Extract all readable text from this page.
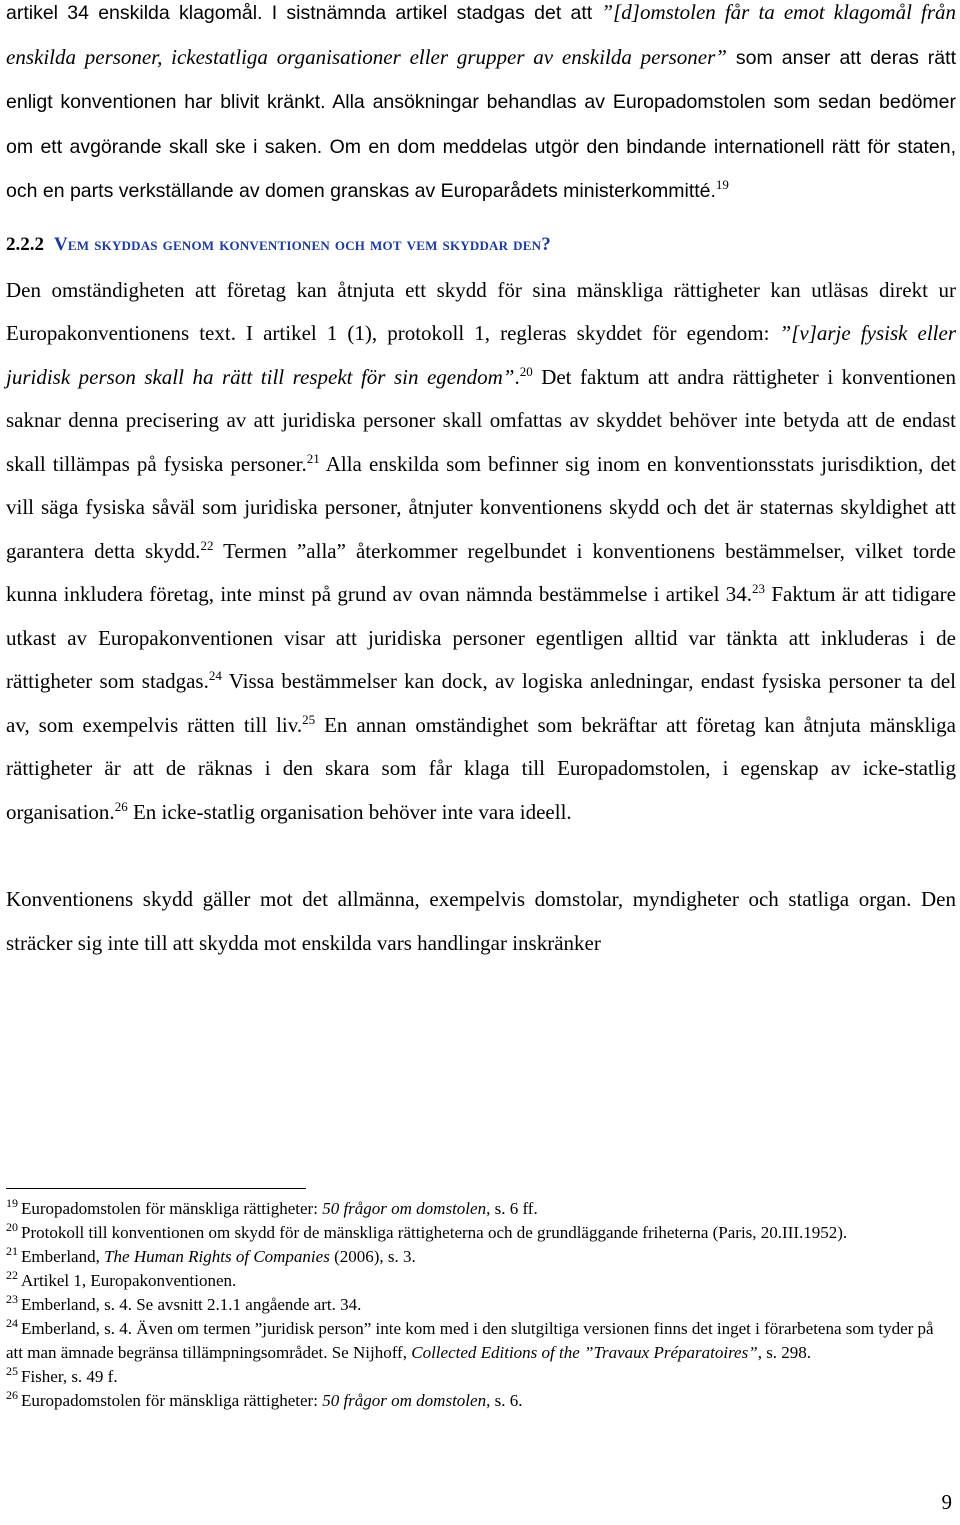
artikel 34 enskilda klagomål. I sistnämnda artikel stadgas det att ”[d]omstolen får ta emot klagomål från enskilda personer, ickestatliga organisationer eller grupper av enskilda personer” som anser att deras rätt enligt konventionen har blivit kränkt. Alla ansökningar behandlas av Europadomstolen som sedan bedömer om ett avgörande skall ske i saken. Om en dom meddelas utgör den bindande internationell rätt för staten, och en parts verkställande av domen granskas av Europarådets ministerkommitté.$^{19}$

2.2.2 Vem skyddas genom konventionen och mot vem skyddar den?

Den omständigheten att företag kan åtnjuta ett skydd för sina mänskliga rättigheter kan utläsas direkt ur Europakonventionens text. I artikel 1 (1), protokoll 1, regleras skyddet för egendom: ”[v]arje fysisk eller juridisk person skall ha rätt till respekt för sin egendom”.$^{20}$ Det faktum att andra rättigheter i konventionen saknar denna precisering av att juridiska personer skall omfattas av skyddet behöver inte betyda att de endast skall tillämpas på fysiska personer.$^{21}$ Alla enskilda som befinner sig inom en konventionsstats jurisdiktion, det vill säga fysiska såväl som juridiska personer, åtnjuter konventionens skydd och det är staternas skyldighet att garantera detta skydd.$^{22}$ Termen ”alla” återkommer regelbundet i konventionens bestämmelser, vilket torde kunna inkludera företag, inte minst på grund av ovan nämnda bestämmelse i artikel 34.23 Faktum är att tidigare utkast av Europakonventionen visar att juridiska personer egentligen alltid var tänkta att inkluderas i de rättigheter som stadgas.$^{24}$ Vissa bestämmelser kan dock, av logiska anledningar, endast fysiska personer ta del av, som exempelvis rätten till liv.$^{25}$ En annan omständighet som bekräftar att företag kan åtnjuta mänskliga rättigheter är att de räknas i den skara som får klaga till Europadomstolen, i egenskap av icke-statlig organisation.$^{26}$ En icke-statlig organisation behöver inte vara ideell.

Konventionens skydd gäller mot det allmänna, exempelvis domstolar, myndigheter och statliga organ. Den sträcker sig inte till att skydda mot enskilda vars handlingar inskränker

$^{19}$ Europadomstolen för mänskliga rättigheter: 50 frågor om domstolen, s. 6 ff.
$^{20}$ Protokoll till konventionen om skydd för de mänskliga rättigheterna och de grundläggande friheterna (Paris, 20.III.1952).
$^{21}$ Emberland, The Human Rights of Companies (2006), s. 3.
$^{22}$ Artikel 1, Europakonventionen.
$^{23}$ Emberland, s. 4. Se avsnitt 2.1.1 angående art. 34.
$^{24}$ Emberland, s. 4. Även om termen ”juridisk person” inte kom med i den slutgiltiga versionen finns det inget i förarbetena som tyder på att man ämnade begränsa tillämpningsområdet. Se Nijhoff, Collected Editions of the ”Travaux Préparatoires”, s. 298.
$^{25}$ Fisher, s. 49 f.
$^{26}$ Europadomstolen för mänskliga rättigheter: 50 frågor om domstolen, s. 6.
9
